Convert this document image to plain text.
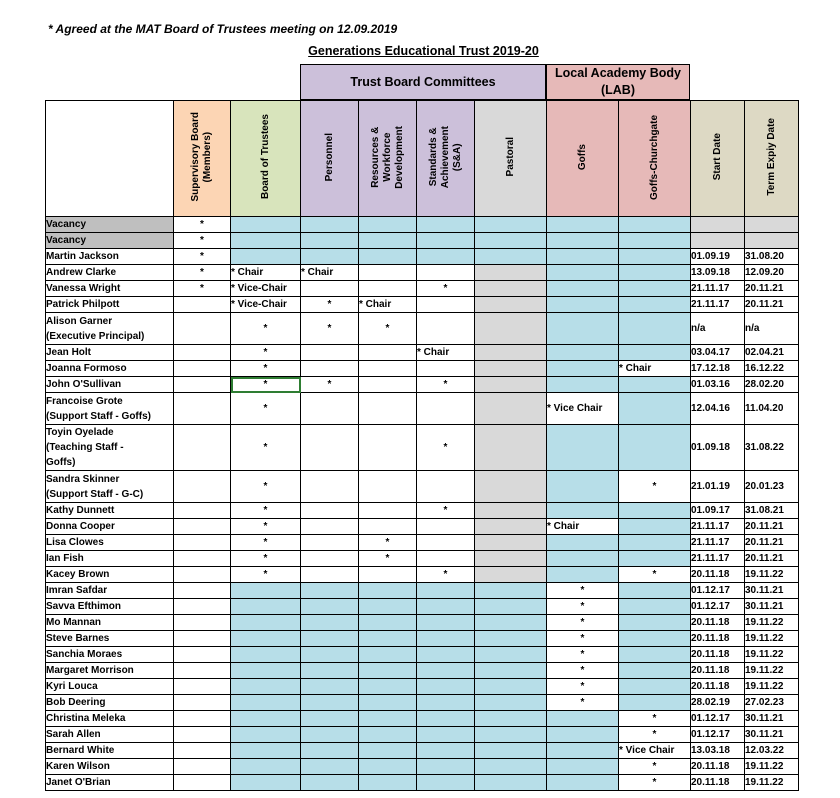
* Agreed at the MAT Board of Trustees meeting on 12.09.2019
Generations Educational Trust 2019-20
Trust Board Committees
Local Academy Body (LAB)
	Supervisory Board
(Members)	Board of Trustees	Personnel	Resources &
Workforce
Development	Standards &
Achievement
(S&A)	Pastoral	Goffs	Goffs-Churchgate	Start Date	Term Expiy Date
Vacancy	*									
Vacancy	*									
Martin Jackson	*								01.09.19	31.08.20
Andrew Clarke	*	* Chair	* Chair						13.09.18	12.09.20
Vanessa Wright	*	* Vice-Chair			*				21.11.17	20.11.21
Patrick Philpott		* Vice-Chair	*	* Chair					21.11.17	20.11.21
Alison Garner
(Executive Principal)		*	*	*					n/a	n/a
Jean Holt		*			* Chair				03.04.17	02.04.21
Joanna Formoso		*						* Chair	17.12.18	16.12.22
John O'Sullivan		*	*		*				01.03.16	28.02.20
Francoise Grote
(Support Staff - Goffs)		*					* Vice Chair		12.04.16	11.04.20
Toyin Oyelade
(Teaching Staff -
Goffs)		*			*				01.09.18	31.08.22
Sandra Skinner
(Support Staff - G-C)		*						*	21.01.19	20.01.23
Kathy Dunnett		*			*				01.09.17	31.08.21
Donna Cooper		*					* Chair		21.11.17	20.11.21
Lisa Clowes		*		*					21.11.17	20.11.21
Ian Fish		*		*					21.11.17	20.11.21
Kacey Brown		*			*			*	20.11.18	19.11.22
Imran Safdar							*		01.12.17	30.11.21
Savva Efthimon							*		01.12.17	30.11.21
Mo Mannan							*		20.11.18	19.11.22
Steve Barnes							*		20.11.18	19.11.22
Sanchia Moraes							*		20.11.18	19.11.22
Margaret Morrison							*		20.11.18	19.11.22
Kyri Louca							*		20.11.18	19.11.22
Bob Deering							*		28.02.19	27.02.23
Christina Meleka								*	01.12.17	30.11.21
Sarah Allen								*	01.12.17	30.11.21
Bernard White								* Vice Chair	13.03.18	12.03.22
Karen Wilson								*	20.11.18	19.11.22
Janet O'Brian								*	20.11.18	19.11.22
